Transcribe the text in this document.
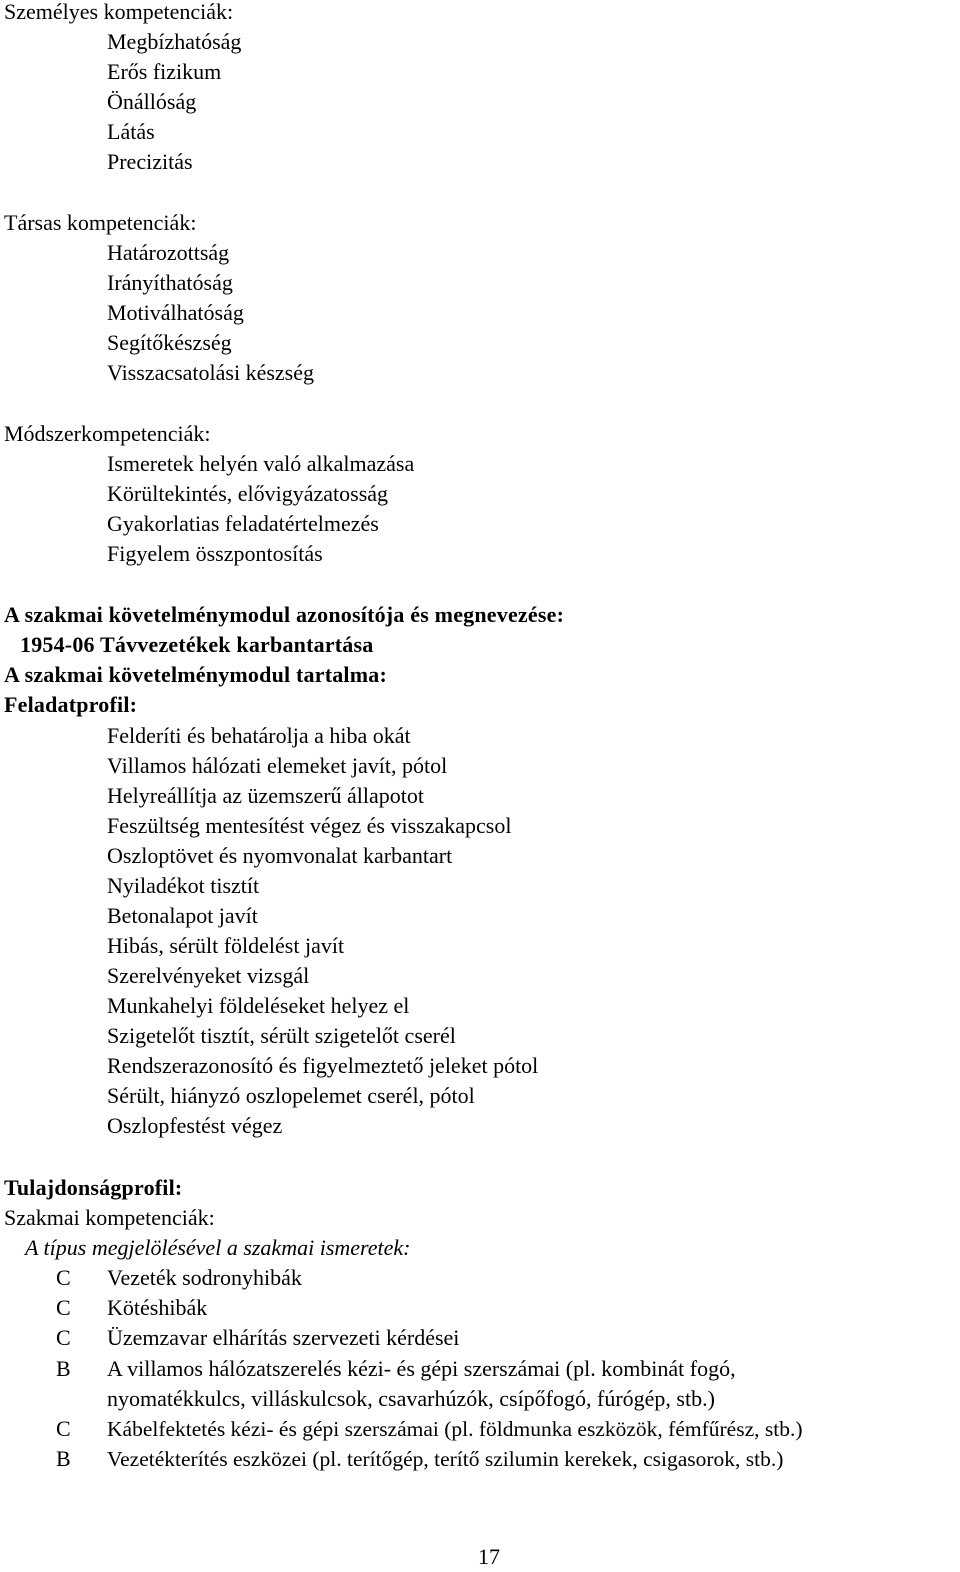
Személyes kompetenciák:
Megbízhatóság
Erős fizikum
Önállóság
Látás
Precizitás
Társas kompetenciák:
Határozottság
Irányíthatóság
Motiválhatóság
Segítőkészség
Visszacsatolási készség
Módszerkompetenciák:
Ismeretek helyén való alkalmazása
Körültekintés, elővigyázatosság
Gyakorlatias feladatértelmezés
Figyelem összpontosítás
A szakmai követelménymodul azonosítója és megnevezése:
1954-06 Távvezetékek karbantartása
A szakmai követelménymodul tartalma:
Feladatprofil:
Felderíti és behatárolja a hiba okát
Villamos hálózati elemeket javít, pótol
Helyreállítja az üzemszerű állapotot
Feszültség mentesítést végez és visszakapcsol
Oszloptövet és nyomvonalat karbantart
Nyiladékot tisztít
Betonalapot javít
Hibás, sérült földelést javít
Szerelvényeket vizsgál
Munkahelyi földeléseket helyez el
Szigetelőt tisztít, sérült szigetelőt cserél
Rendszerazonosító és figyelmeztető jeleket pótol
Sérült, hiányzó oszlopelemet cserél, pótol
Oszlopfestést végez
Tulajdonságprofil:
Szakmai kompetenciák:
A típus megjelölésével a szakmai ismeretek:
C Vezeték sodronyhibák
C Kötéshibák
C Üzemzavar elhárítás szervezeti kérdései
B A villamos hálózatszerelés kézi- és gépi szerszámai (pl. kombinát fogó,
nyomatékkulcs, villáskulcsok, csavarhúzók, csípőfogó, fúrógép, stb.)
C Kábelfektetés kézi- és gépi szerszámai (pl. földmunka eszközök, fémfűrész, stb.)
B Vezetékterítés eszközei (pl. terítőgép, terítő szilumin kerekek, csigasorok, stb.)
17
